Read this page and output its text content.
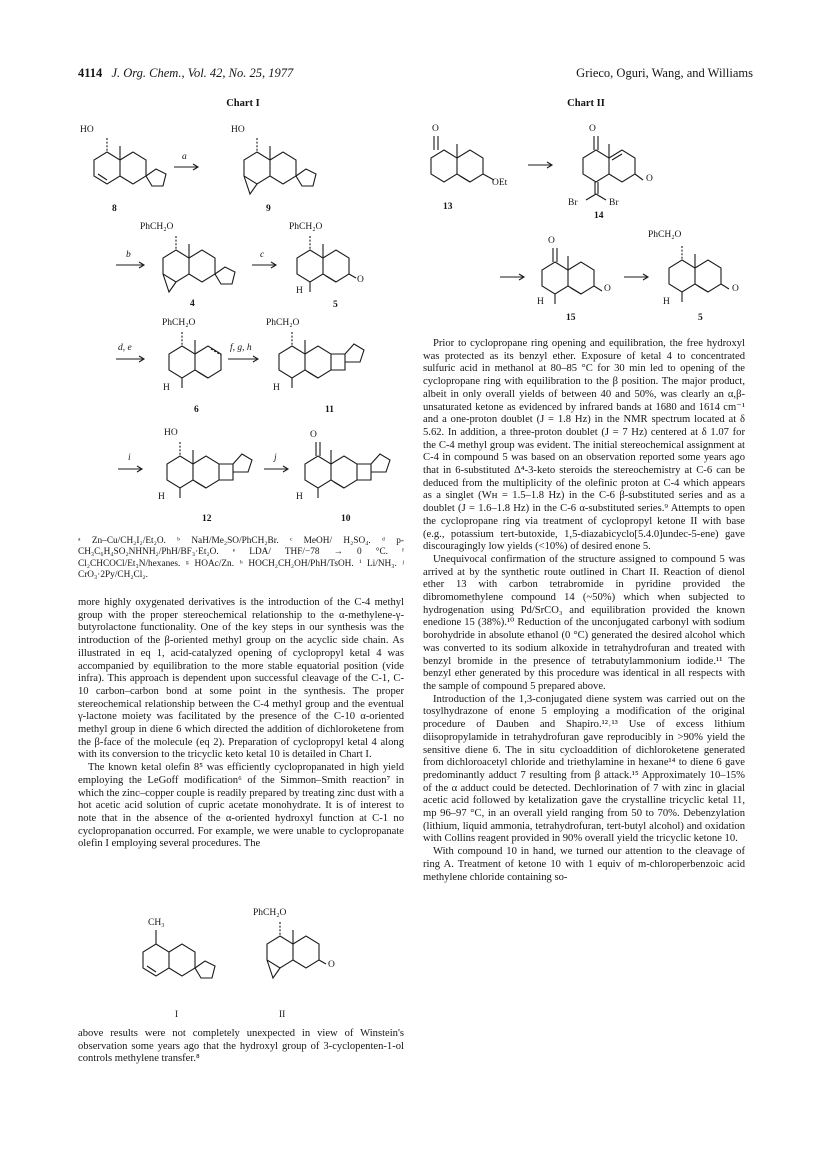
4114 J. Org. Chem., Vol. 42, No. 25, 1977	Grieco, Oguri, Wang, and Williams
Chart I
HO
8
a
HO
9
PhCH₂O
b
4
c
PhCH₂O
H
O
5
PhCH₂O
d, e
H
6
f, g, h
PhCH₂O
H
11
HO
i
H
12
j
O
H
10
ᵃ Zn–Cu/CH₂I₂/Et₂O. ᵇ NaH/Me₂SO/PhCH₂Br. ᶜ MeOH/ H₂SO₄. ᵈ p-CH₃C₆H₄SO₂NHNH₂/PhH/BF₃·Et₂O. ᵉ LDA/ THF/−78 → 0 °C. ᶠ Cl₂CHCOCl/Et₃N/hexanes. ᵍ HOAc/Zn. ʰ HOCH₂CH₂OH/PhH/TsOH. ⁱ Li/NH₃. ʲ CrO₃·2Py/CH₂Cl₂.
Chart II
O
OEt
13
O
O
Br	Br
14
O
O
H
15
PhCH₂O
O
H
5

more highly oxygenated derivatives is the introduction of the C-4 methyl group with the proper stereochemical relationship to the α-methylene-γ-butyrolactone functionality. One of the key steps in our synthesis was the introduction of the β-oriented methyl group on the acyclic side chain. As illustrated in eq 1, acid-catalyzed opening of cyclopropyl ketal 4 was accompanied by equilibration to the more stable equatorial position (vide infra). This approach is dependent upon successful cleavage of the C-1, C-10 carbon–carbon bond at some point in the synthesis. The proper stereochemical relationship between the C-4 methyl group and the eventual γ-lactone moiety was facilitated by the presence of the C-10 α-oriented methyl group in diene 6 which directed the addition of dichloroketene from the β-face of the molecule (eq 2). Preparation of cyclopropyl ketal 4 along with its conversion to the tricyclic keto ketal 10 is detailed in Chart I.

The known ketal olefin 8⁵ was efficiently cyclopropanated in high yield employing the LeGoff modification⁶ of the Simmon–Smith reaction⁷ in which the zinc–copper couple is readily prepared by treating zinc dust with a hot acetic acid solution of cupric acetate monohydrate. It is of interest to note that in the absence of the α-oriented hydroxyl function at C-1 no cyclopropanation occurred. For example, we were unable to cyclopropanate olefin I employing several procedures. The

CH₃
I
PhCH₂O
O
II

above results were not completely unexpected in view of Winstein's observation some years ago that the hydroxyl group of 3-cyclopenten-1-ol controls methylene transfer.⁸

Prior to cyclopropane ring opening and equilibration, the free hydroxyl was protected as its benzyl ether. Exposure of ketal 4 to concentrated sulfuric acid in methanol at 80–85 °C for 30 min led to opening of the cyclopropane ring with equilibration to the β position. The major product, albeit in only overall yields of between 40 and 50%, was clearly an α,β-unsaturated ketone as evidenced by infrared bands at 1680 and 1614 cm⁻¹ and a one-proton doublet (J = 1.8 Hz) in the NMR spectrum located at δ 5.62. In addition, a three-proton doublet (J = 7 Hz) centered at δ 1.07 for the C-4 methyl group was evident. The initial stereochemical assignment at C-4 in compound 5 was based on an observation reported some years ago that in 6-substituted Δ⁴-3-keto steroids the stereochemistry at C-6 can be deduced from the multiplicity of the olefinic proton at C-4 which appears as a singlet (Wʜ = 1.5–1.8 Hz) in the C-6 β-substituted series and as a doublet (J = 1.6–1.8 Hz) in the C-6 α-substituted series.⁹ Attempts to open the cyclopropane ring via treatment of cyclopropyl ketone II with base (e.g., potassium tert-butoxide, 1,5-diazabicyclo[5.4.0]undec-5-ene) gave discouragingly low yields (<10%) of desired enone 5.

Unequivocal confirmation of the structure assigned to compound 5 was arrived at by the synthetic route outlined in Chart II. Reaction of dienol ether 13 with carbon tetrabromide in pyridine provided the dibromomethylene compound 14 (~50%) which when subjected to hydrogenation using Pd/SrCO₃ and equilibration provided the known enedione 15 (38%).¹⁰ Reduction of the unconjugated carbonyl with sodium borohydride in absolute ethanol (0 °C) generated the desired alcohol which was converted to its sodium alkoxide in tetrahydrofuran and treated with benzyl bromide in the presence of tetrabutylammonium iodide.¹¹ The benzyl ether generated by this procedure was identical in all respects with the sample of compound 5 prepared above.

Introduction of the 1,3-conjugated diene system was carried out on the tosylhydrazone of enone 5 employing a modification of the original procedure of Dauben and Shapiro.¹²˒¹³ Use of excess lithium diisopropylamide in tetrahydrofuran gave reproducibly in >90% yield the sensitive diene 6. The in situ cycloaddition of dichloroketene generated from dichloroacetyl chloride and triethylamine in hexane¹⁴ to diene 6 gave predominantly adduct 7 resulting from β attack.¹⁵ Approximately 10–15% of the α adduct could be detected. Dechlorination of 7 with zinc in glacial acetic acid followed by ketalization gave the crystalline tricyclic ketal 11, mp 96–97 °C, in an overall yield ranging from 50 to 70%. Debenzylation (lithium, liquid ammonia, tetrahydrofuran, tert-butyl alcohol) and oxidation with Collins reagent provided in 90% overall yield the tricyclic ketone 10.

With compound 10 in hand, we turned our attention to the cleavage of ring A. Treatment of ketone 10 with 1 equiv of m-chloroperbenzoic acid methylene chloride containing so-
